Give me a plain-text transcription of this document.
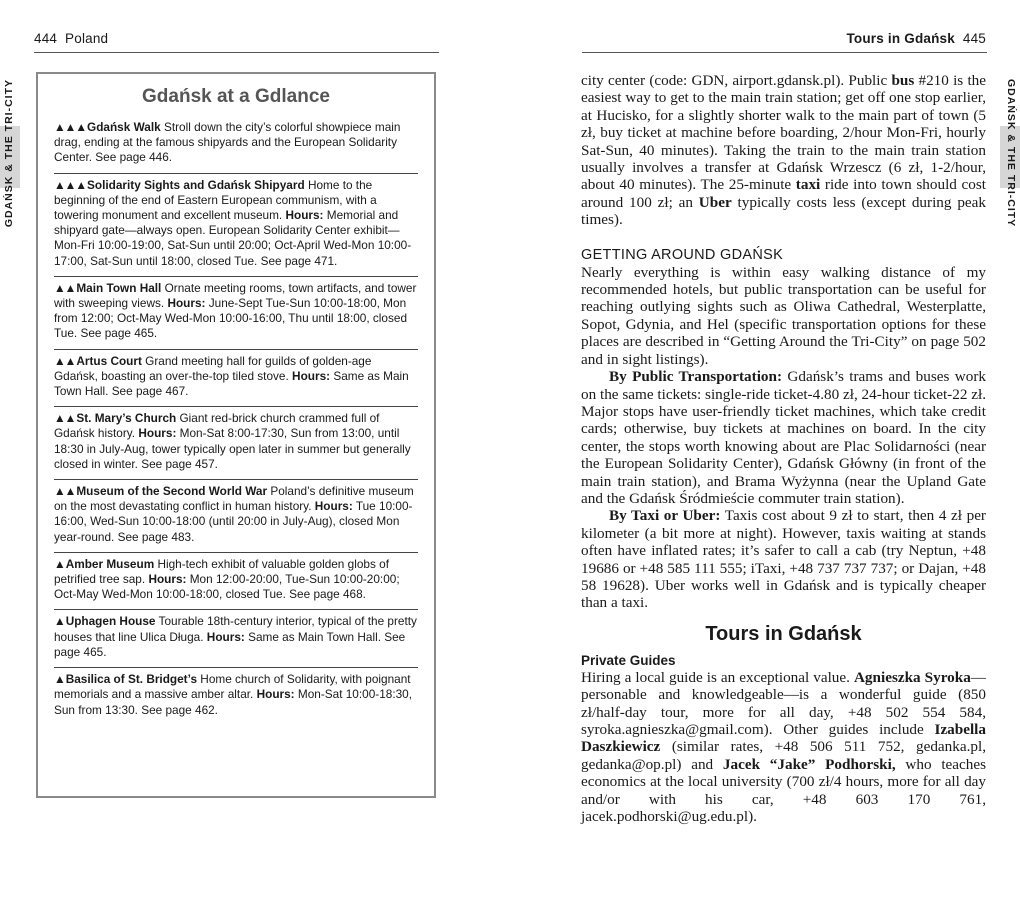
444 Poland
GDAŃSK & THE TRI-CITY	Gdańsk at a Gdlance
▲▲▲Gdańsk Walk Stroll down the city’s colorful showpiece main drag, ending at the famous shipyards and the European Solidarity Center. See page 446.
▲▲▲Solidarity Sights and Gdańsk Shipyard Home to the beginning of the end of Eastern European communism, with a towering monument and excellent museum. Hours: Memorial and shipyard gate—always open. European Solidarity Center exhibit—Mon-Fri 10:00-19:00, Sat-Sun until 20:00; Oct-April Wed-Mon 10:00-17:00, Sat-Sun until 18:00, closed Tue. See page 471.
▲▲Main Town Hall Ornate meeting rooms, town artifacts, and tower with sweeping views. Hours: June-Sept Tue-Sun 10:00-18:00, Mon from 12:00; Oct-May Wed-Mon 10:00-16:00, Thu until 18:00, closed Tue. See page 465.
▲▲Artus Court Grand meeting hall for guilds of golden-age Gdańsk, boasting an over-the-top tiled stove. Hours: Same as Main Town Hall. See page 467.
▲▲St. Mary’s Church Giant red-brick church crammed full of Gdańsk history. Hours: Mon-Sat 8:00-17:30, Sun from 13:00, until 18:30 in July-Aug, tower typically open later in summer but generally closed in winter. See page 457.
▲▲Museum of the Second World War Poland’s definitive museum on the most devastating conflict in human history. Hours: Tue 10:00-16:00, Wed-Sun 10:00-18:00 (until 20:00 in July-Aug), closed Mon year-round. See page 483.
▲Amber Museum High-tech exhibit of valuable golden globs of petrified tree sap. Hours: Mon 12:00-20:00, Tue-Sun 10:00-20:00; Oct-May Wed-Mon 10:00-18:00, closed Tue. See page 468.
▲Uphagen House Tourable 18th-century interior, typical of the pretty houses that line Ulica Długa. Hours: Same as Main Town Hall. See page 465.
▲Basilica of St. Bridget’s Home church of Solidarity, with poignant memorials and a massive amber altar. Hours: Mon-Sat 10:00-18:30, Sun from 13:30. See page 462.
Tours in Gdańsk 445
GDAŃSK & THE TRI-CITY

city center (code: GDN, airport.gdansk.pl). Public bus #210 is the easiest way to get to the main train station; get off one stop earlier, at Hucisko, for a slightly shorter walk to the main part of town (5 zł, buy ticket at machine before boarding, 2/hour Mon-Fri, hourly Sat-Sun, 40 minutes). Taking the train to the main train station usually involves a transfer at Gdańsk Wrzescz (6 zł, 1-2/hour, about 40 minutes). The 25-minute taxi ride into town should cost around 100 zł; an Uber typically costs less (except during peak times).

GETTING AROUND GDAŃSK

Nearly everything is within easy walking distance of my recommended hotels, but public transportation can be useful for reaching outlying sights such as Oliwa Cathedral, Westerplatte, Sopot, Gdynia, and Hel (specific transportation options for these places are described in “Getting Around the Tri-City” on page 502 and in sight listings).

By Public Transportation: Gdańsk’s trams and buses work on the same tickets: single-ride ticket-4.80 zł, 24-hour ticket-22 zł. Major stops have user-friendly ticket machines, which take credit cards; otherwise, buy tickets at machines on board. In the city center, the stops worth knowing about are Plac Solidarności (near the European Solidarity Center), Gdańsk Główny (in front of the main train station), and Brama Wyżynna (near the Upland Gate and the Gdańsk Śródmieście commuter train station).

By Taxi or Uber: Taxis cost about 9 zł to start, then 4 zł per kilometer (a bit more at night). However, taxis waiting at stands often have inflated rates; it’s safer to call a cab (try Neptun, +48 19686 or +48 585 111 555; iTaxi, +48 737 737 737; or Dajan, +48 58 19628). Uber works well in Gdańsk and is typically cheaper than a taxi.

Tours in Gdańsk
Private Guides

Hiring a local guide is an exceptional value. Agnieszka Syroka—personable and knowledgeable—is a wonderful guide (850 zł/half-day tour, more for all day, +48 502 554 584, syroka.agnieszka@gmail.com). Other guides include Izabella Daszkiewicz (similar rates, +48 506 511 752, gedanka.pl, gedanka@op.pl) and Jacek “Jake” Podhorski, who teaches economics at the local university (700 zł/4 hours, more for all day and/or with his car, +48 603 170 761, jacek.podhorski@ug.edu.pl).
